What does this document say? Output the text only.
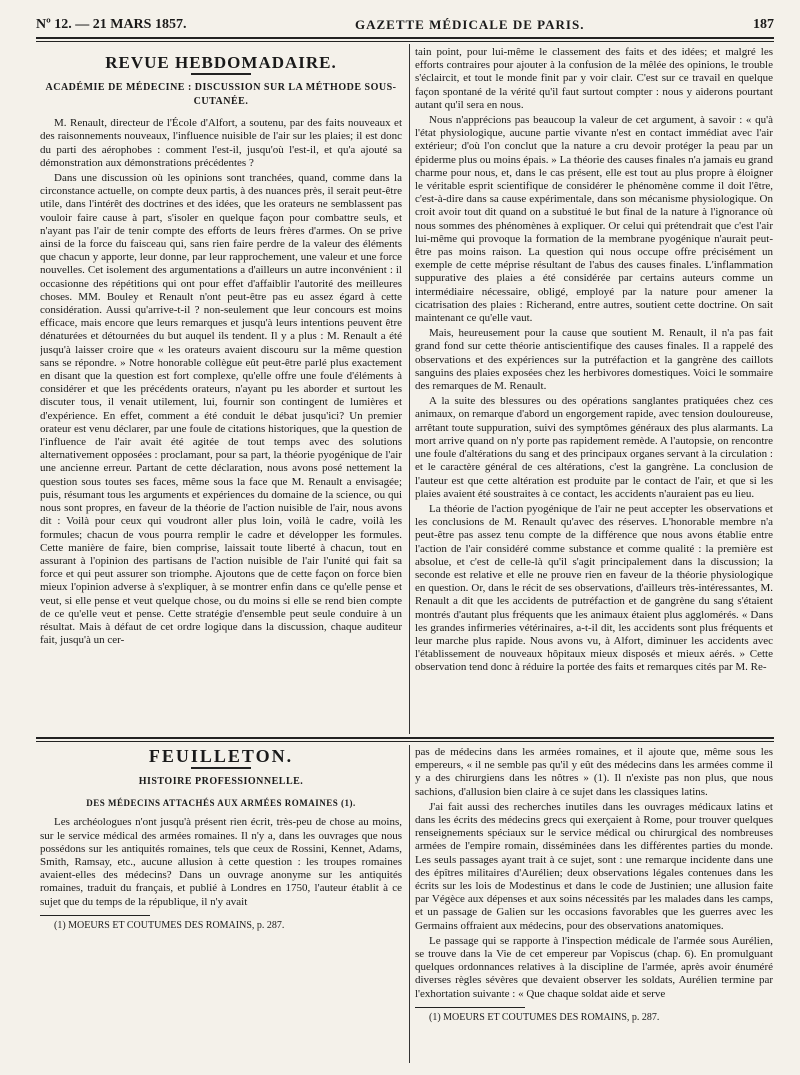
Nº 12. — 21 MARS 1857.	GAZETTE MÉDICALE DE PARIS.	187
REVUE HEBDOMADAIRE.
ACADÉMIE DE MÉDECINE : DISCUSSION SUR LA MÉTHODE SOUS-CUTANÉE.

M. Renault, directeur de l'École d'Alfort, a soutenu, par des faits nouveaux et des raisonnements nouveaux, l'influence nuisible de l'air sur les plaies; il est donc du parti des aérophobes : comment l'est-il, jusqu'où l'est-il, et qu'a ajouté sa démonstration aux démonstrations précédentes ?

Dans une discussion où les opinions sont tranchées, quand, comme dans la circonstance actuelle, on compte deux partis, à des nuances près, il serait peut-être utile, dans l'intérêt des doctrines et des idées, que les orateurs ne semblassent pas vouloir faire cause à part, s'isoler en quelque façon pour combattre seuls, et n'ayant pas l'air de tenir compte des efforts de leurs frères d'armes. On se prive ainsi de la force du faisceau qui, sans rien faire perdre de la valeur des éléments que chacun y apporte, leur donne, par leur rapprochement, une valeur et une force nouvelles. Cet isolement des argumentations a d'ailleurs un autre inconvénient : il occasionne des répétitions qui ont pour effet d'affaiblir l'autorité des meilleures choses. MM. Bouley et Renault n'ont peut-être pas eu assez égard à cette considération. Aussi qu'arrive-t-il ? non-seulement que leur concours est moins efficace, mais encore que leurs remarques et jusqu'à leurs intentions peuvent être dénaturées et détournées du but auquel ils tendent. Il y a plus : M. Renault a été jusqu'à laisser croire que « les orateurs avaient discouru sur la même question sans se répondre. » Notre honorable collègue eût peut-être parlé plus exactement en disant que la question est fort complexe, qu'elle offre une foule d'éléments à considérer et que les précédents orateurs, n'ayant pu les aborder et surtout les discuter tous, il venait utilement, lui, fournir son contingent de lumières et d'expérience. En effet, comment a été conduit le débat jusqu'ici? Un premier orateur est venu déclarer, par une foule de citations historiques, que la question de l'influence de l'air avait été agitée de tout temps avec des solutions alternativement opposées : proclamant, pour sa part, la théorie pyogénique de l'air une ancienne erreur. Partant de cette déclaration, nous avons posé nettement la question sous toutes ses faces, même sous la face que M. Renault a envisagée; puis, résumant tous les arguments et expériences du domaine de la science, ou qui nous sont propres, en faveur de la théorie de l'action nuisible de l'air, nous avons dit : Voilà pour ceux qui voudront aller plus loin, voilà le cadre, voilà les formules; chacun de vous pourra remplir le cadre et développer les formules. Cette manière de faire, bien comprise, laissait toute liberté à chacun, tout en assurant à l'opinion des partisans de l'action nuisible de l'air l'unité qui fait sa force et qui peut assurer son triomphe. Ajoutons que de cette façon on force bien mieux l'opinion adverse à s'expliquer, à se montrer enfin dans ce qu'elle pense et veut, si elle pense et veut quelque chose, ou du moins si elle se rend bien compte de ce qu'elle veut et pense. Cette stratégie d'ensemble peut seule conduire à un résultat. Mais à défaut de cet ordre logique dans la discussion, chaque auditeur fait, jusqu'à un cer-

tain point, pour lui-même le classement des faits et des idées; et malgré les efforts contraires pour ajouter à la confusion de la mêlée des opinions, le trouble s'éclaircit, et tout le monde finit par y voir clair. C'est sur ce travail en quelque façon spontané de la vérité qu'il faut surtout compter : nous y aiderons pourtant autant qu'il sera en nous.

Nous n'apprécions pas beaucoup la valeur de cet argument, à savoir : « qu'à l'état physiologique, aucune partie vivante n'est en contact immédiat avec l'air extérieur; d'où l'on conclut que la nature a cru devoir protéger la peau par un épiderme plus ou moins épais. » La théorie des causes finales n'a jamais eu grand charme pour nous, et, dans le cas présent, elle est tout au plus propre à éloigner le véritable esprit scientifique de considérer le phénomène comme il doit l'être, c'est-à-dire dans sa cause expérimentale, dans son mécanisme physiologique. On croit avoir tout dit quand on a substitué le but final de la nature à l'ignorance où nous sommes des phénomènes à expliquer. Or celui qui prétendrait que c'est l'air lui-même qui provoque la formation de la membrane pyogénique n'aurait peut-être pas moins raison. La question qui nous occupe offre précisément un exemple de cette méprise résultant de l'abus des causes finales. L'inflammation suppurative des plaies a été considérée par certains auteurs comme un intermédiaire nécessaire, obligé, employé par la nature pour amener la cicatrisation des plaies : Richerand, entre autres, soutient cette doctrine. On sait maintenant ce qu'elle vaut.

Mais, heureusement pour la cause que soutient M. Renault, il n'a pas fait grand fond sur cette théorie antiscientifique des causes finales. Il a rappelé des observations et des expériences sur la putréfaction et la gangrène des caillots sanguins des plaies exposées chez les herbivores domestiques. Voici le sommaire des remarques de M. Renault.

A la suite des blessures ou des opérations sanglantes pratiquées chez ces animaux, on remarque d'abord un engorgement rapide, avec tension douloureuse, arrêtant toute suppuration, suivi des symptômes généraux des plus alarmants. La mort arrive quand on n'y porte pas rapidement remède. A l'autopsie, on rencontre une foule d'altérations du sang et des principaux organes servant à la circulation : et le caractère général de ces altérations, c'est la gangrène. La conclusion de l'auteur est que cette altération est produite par le contact de l'air, et que si les plaies avaient été soustraites à ce contact, les accidents n'auraient pas eu lieu.

La théorie de l'action pyogénique de l'air ne peut accepter les observations et les conclusions de M. Renault qu'avec des réserves. L'honorable membre n'a peut-être pas assez tenu compte de la différence que nous avons établie entre l'action de l'air considéré comme substance et comme qualité : la première est absolue, et c'est de celle-là qu'il s'agit principalement dans la discussion; la seconde est relative et elle ne prouve rien en faveur de la théorie physiologique en question. Or, dans le récit de ses observations, d'ailleurs très-intéressantes, M. Renault a dit que les accidents de putréfaction et de gangrène du sang s'étaient montrés d'autant plus fréquents que les animaux étaient plus agglomérés. « Dans les grandes infirmeries vétérinaires, a-t-il dit, les accidents sont plus fréquents et leur marche plus rapide. Nous avons vu, à Alfort, diminuer les accidents avec l'établissement de nouveaux hôpitaux mieux disposés et mieux aérés. » Cette observation tend donc à réduire la portée des faits et remarques cités par M. Re-

FEUILLETON.
HISTOIRE PROFESSIONNELLE.
DES MÉDECINS ATTACHÉS AUX ARMÉES ROMAINES (1).

Les archéologues n'ont jusqu'à présent rien écrit, très-peu de chose au moins, sur le service médical des armées romaines. Il n'y a, dans les ouvrages que nous possédons sur les antiquités romaines, tels que ceux de Rossini, Kennet, Adams, Smith, Ramsay, etc., aucune allusion à cette question : les troupes romaines avaient-elles des médecins? Dans un ouvrage anonyme sur les antiquités romaines, traduit du français, et publié à Londres en 1750, l'auteur établit à ce sujet que du temps de la république, il n'y avait

(1) MOEURS ET COUTUMES DES ROMAINS, p. 287.

pas de médecins dans les armées romaines, et il ajoute que, même sous les empereurs, « il ne semble pas qu'il y eût des médecins dans les armées comme il y a des chirurgiens dans les nôtres » (1). Il n'existe pas non plus, que nous sachions, d'allusion bien claire à ce sujet dans les classiques latins.

J'ai fait aussi des recherches inutiles dans les ouvrages médicaux latins et dans les écrits des médecins grecs qui exerçaient à Rome, pour trouver quelques renseignements spéciaux sur le service médical ou chirurgical des nombreuses armées de l'empire romain, disséminées dans les différentes parties du monde. Les seuls passages ayant trait à ce sujet, sont : une remarque incidente dans une des épîtres militaires d'Aurélien; deux observations légales contenues dans les écrits sur les lois de Modestinus et dans le code de Justinien; une allusion faite par Végèce aux dépenses et aux soins nécessités par les malades dans les camps, et un passage de Galien sur les occasions favorables que les guerres avec les Germains offraient aux médecins, pour des observations anatomiques.

Le passage qui se rapporte à l'inspection médicale de l'armée sous Aurélien, se trouve dans la Vie de cet empereur par Vopiscus (chap. 6). En promulguant quelques ordonnances relatives à la discipline de l'armée, après avoir énuméré diverses règles sévères que devaient observer les soldats, Aurélien termine par l'exhortation suivante : « Que chaque soldat aide et serve

(1) MOEURS ET COUTUMES DES ROMAINS, p. 287.
